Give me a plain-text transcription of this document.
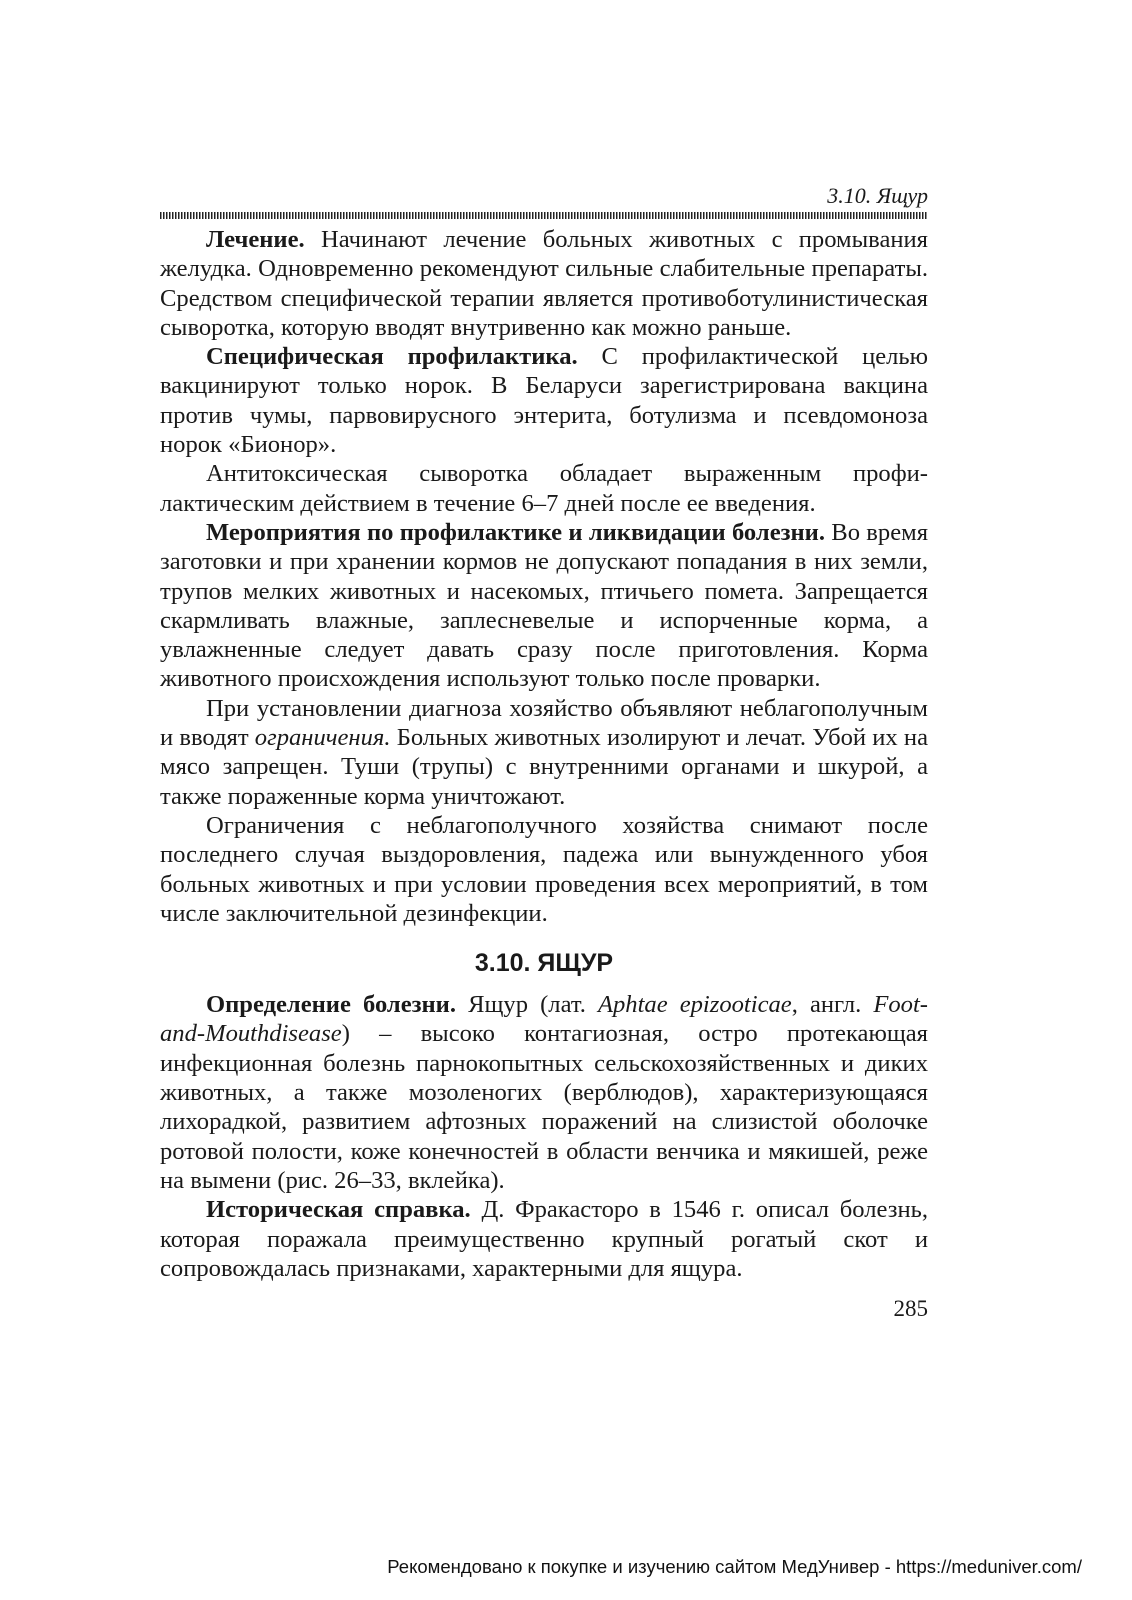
3.10. Ящур

Лечение. Начинают лечение больных животных с промывания желудка. Одновременно рекомендуют сильные слабительные препараты. Средством специфической терапии является противоботулинистическая сыворотка, которую вводят внутривенно как можно раньше.

Специфическая профилактика. С профилактической целью вакцинируют только норок. В Беларуси зарегистрирована вакцина против чумы, парвовирусного энтерита, ботулизма и псевдомоноза норок «Бионор».

Антитоксическая сыворотка обладает выраженным профилактическим действием в течение 6–7 дней после ее введения.

Мероприятия по профилактике и ликвидации болезни. Во время заготовки и при хранении кормов не допускают попадания в них земли, трупов мелких животных и насекомых, птичьего помета. Запрещается скармливать влажные, заплесневелые и испорченные корма, а увлажненные следует давать сразу после приготовления. Корма животного происхождения используют только после проварки.

При установлении диагноза хозяйство объявляют неблагополучным и вводят ограничения. Больных животных изолируют и лечат. Убой их на мясо запрещен. Туши (трупы) с внутренними органами и шкурой, а также пораженные корма уничтожают.

Ограничения с неблагополучного хозяйства снимают после последнего случая выздоровления, падежа или вынужденного убоя больных животных и при условии проведения всех мероприятий, в том числе заключительной дезинфекции.

3.10. ЯЩУР

Определение болезни. Ящур (лат. Aphtae epizooticae, англ. Foot-and-Mouthdisease) – высоко контагиозная, остро протекающая инфекционная болезнь парнокопытных сельскохозяйственных и диких животных, а также мозоленогих (верблюдов), характеризующаяся лихорадкой, развитием афтозных поражений на слизистой оболочке ротовой полости, коже конечностей в области венчика и мякишей, реже на вымени (рис. 26–33, вклейка).

Историческая справка. Д. Фракасторо в 1546 г. описал болезнь, которая поражала преимущественно крупный рогатый скот и сопровождалась признаками, характерными для ящура.

285
Рекомендовано к покупке и изучению сайтом МедУнивер - https://meduniver.com/
